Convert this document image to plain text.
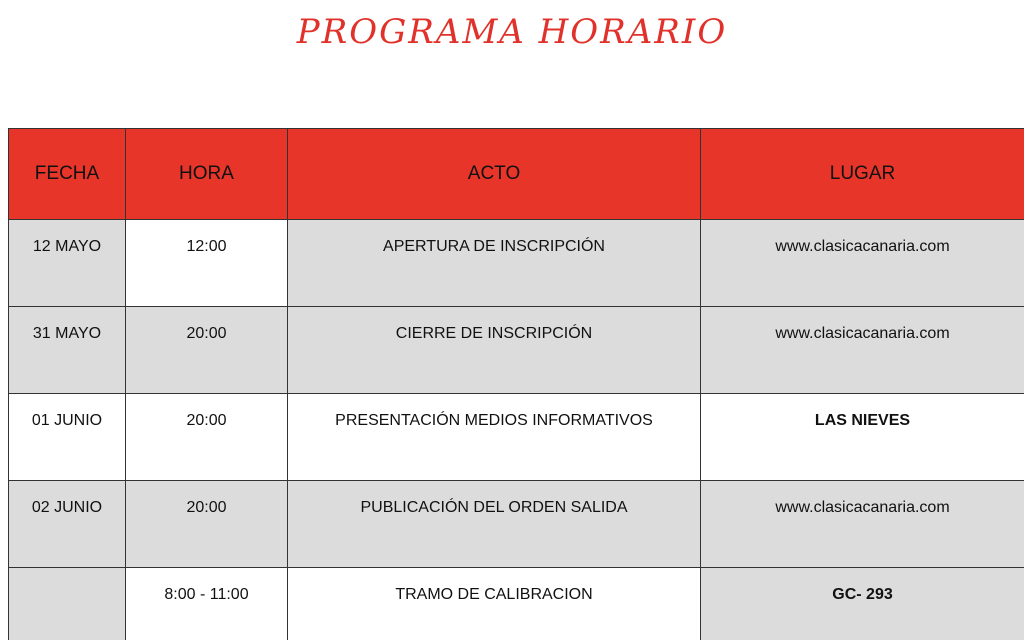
PROGRAMA HORARIO
FECHA	HORA	ACTO	LUGAR
12 MAYO	12:00	APERTURA DE INSCRIPCIÓN	www.clasicacanaria.com
31 MAYO	20:00	CIERRE DE INSCRIPCIÓN	www.clasicacanaria.com
01 JUNIO	20:00	PRESENTACIÓN MEDIOS INFORMATIVOS	LAS NIEVES
02 JUNIO	20:00	PUBLICACIÓN DEL ORDEN SALIDA	www.clasicacanaria.com
	8:00 - 11:00	TRAMO DE CALIBRACION	GC- 293
